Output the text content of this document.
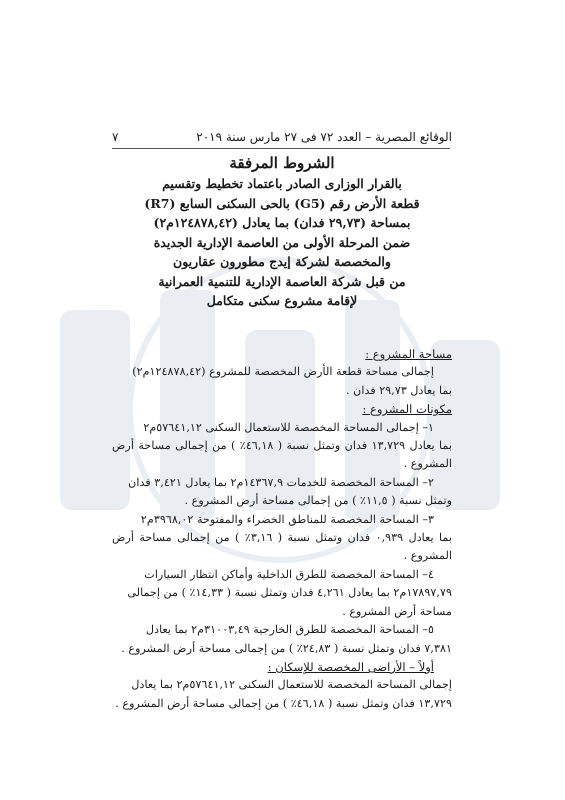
الوقائع المصرية – العدد ٧٢ فى ٢٧ مارس سنة ٢٠١٩
٧
الشروط المرفقة
بالقرار الوزارى الصادر باعتماد تخطيط وتقسيم
قطعة الأرض رقم (G5) بالحى السكنى السابع (R7)
بمساحة (٢٩,٧٣ فدان) بما يعادل (١٢٤٨٧٨,٤٢م٢)
ضمن المرحلة الأولى من العاصمة الإدارية الجديدة
والمخصصة لشركة إيدج مطورون عقاريون
من قبل شركة العاصمة الإدارية للتنمية العمرانية
لإقامة مشروع سكنى متكامل

مساحة المشروع :

إجمالى مساحة قطعة الأرض المخصصة للمشروع (١٢٤٨٧٨,٤٢م٢)

بما يعادل ٢٩,٧٣ فدان .

مكونات المشروع :

١– إجمالى المساحة المخصصة للاستعمال السكنى ٥٧٦٤١,١٢م٢

بما يعادل ١٣,٧٢٩ فدان وتمثل نسبة ( ٤٦,١٨٪ ) من إجمالى مساحة أرض المشروع .

٢– المساحة المخصصة للخدمات ١٤٣٦٧,٩م٢ بما يعادل ٣,٤٢١ فدان

وتمثل نسبة ( ١١,٥٪ ) من إجمالى مساحة أرض المشروع .

٣– المساحة المخصصة للمناطق الخضراء والمفتوحة ٣٩٦٨,٠٢م٢

بما يعادل ٠,٩٣٩ فدان وتمثل نسبة ( ٣,١٦٪ ) من إجمالى مساحة أرض المشروع .

٤– المساحة المخصصة للطرق الداخلية وأماكن انتظار السيارات

١٧٨٩٧,٧٩م٢ بما يعادل ٤,٢٦١ فدان وتمثل نسبة ( ١٤,٣٣٪ ) من إجمالى

مساحة أرض المشروع .

٥– المساحة المخصصة للطرق الخارجية ٣١٠٠٣,٤٩م٢ بما يعادل

٧,٣٨١ فدان وتمثل نسبة ( ٢٤,٨٣٪ ) من إجمالى مساحة أرض المشروع .

أولاً – الأراضى المخصصة للإسكان :

إجمالى المساحة المخصصة للاستعمال السكنى ٥٧٦٤١,١٢م٢ بما يعادل

١٣,٧٢٩ فدان وتمثل نسبة ( ٤٦,١٨٪ ) من إجمالى مساحة أرض المشروع .
